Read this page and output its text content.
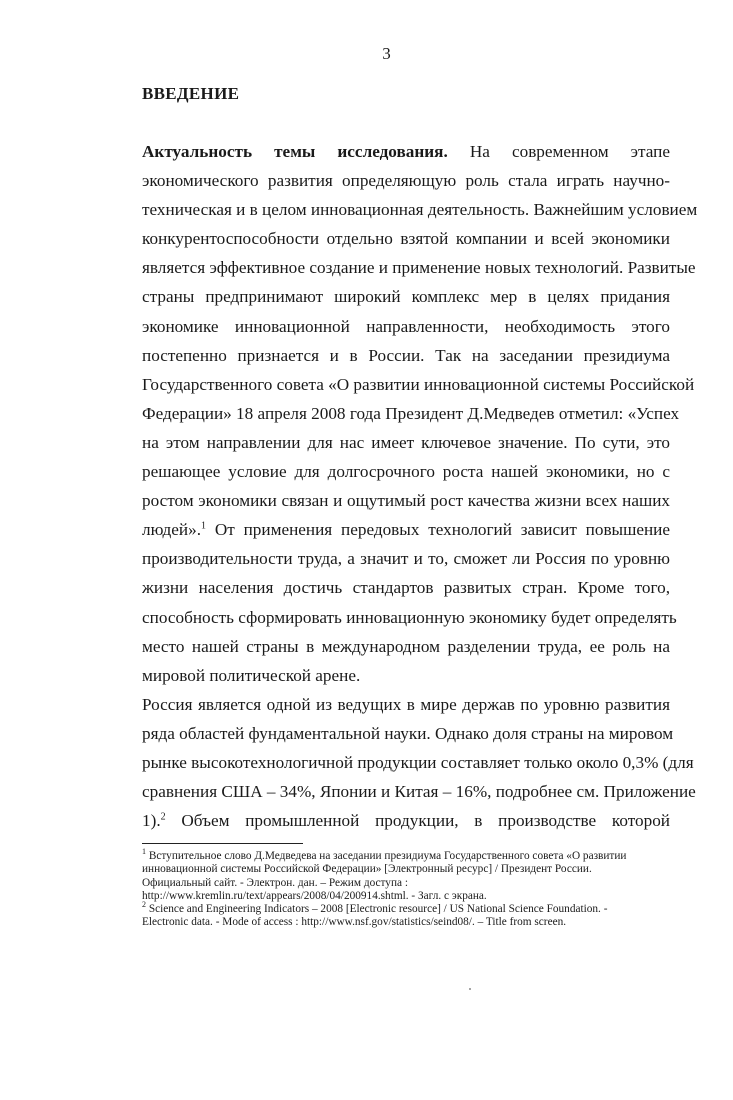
3
ВВЕДЕНИЕ
Актуальность темы исследования. На современном этапе
экономического развития определяющую роль стала играть научно-
техническая и в целом инновационная деятельность. Важнейшим условием
конкурентоспособности отдельно взятой компании и всей экономики
является эффективное создание и применение новых технологий. Развитые
страны предпринимают широкий комплекс мер в целях придания
экономике инновационной направленности, необходимость этого
постепенно признается и в России. Так на заседании президиума
Государственного совета «О развитии инновационной системы Российской
Федерации» 18 апреля 2008 года Президент Д.Медведев отметил: «Успех
на этом направлении для нас имеет ключевое значение. По сути, это
решающее условие для долгосрочного роста нашей экономики, но с
ростом экономики связан и ощутимый рост качества жизни всех наших
людей».$^1$ От применения передовых технологий зависит повышение
производительности труда, а значит и то, сможет ли Россия по уровню
жизни населения достичь стандартов развитых стран. Кроме того,
способность сформировать инновационную экономику будет определять
место нашей страны в международном разделении труда, ее роль на
мировой политической арене.
Россия является одной из ведущих в мире держав по уровню развития
ряда областей фундаментальной науки. Однако доля страны на мировом
рынке высокотехнологичной продукции составляет только около 0,3% (для
сравнения США – 34%, Японии и Китая – 16%, подробнее см. Приложение
1).$^2$ Объем промышленной продукции, в производстве которой
$^1$ Вступительное слово Д.Медведева на заседании президиума Государственного совета «О развитии
инновационной системы Российской Федерации» [Электронный ресурс] / Президент России.
Официальный сайт. - Электрон. дан. – Режим доступа :
http://www.kremlin.ru/text/appears/2008/04/200914.shtml. - Загл. с экрана.
$^2$ Science and Engineering Indicators – 2008 [Electronic resource] / US National Science Foundation. -
Electronic data. - Mode of access : http://www.nsf.gov/statistics/seind08/. – Title from screen.
